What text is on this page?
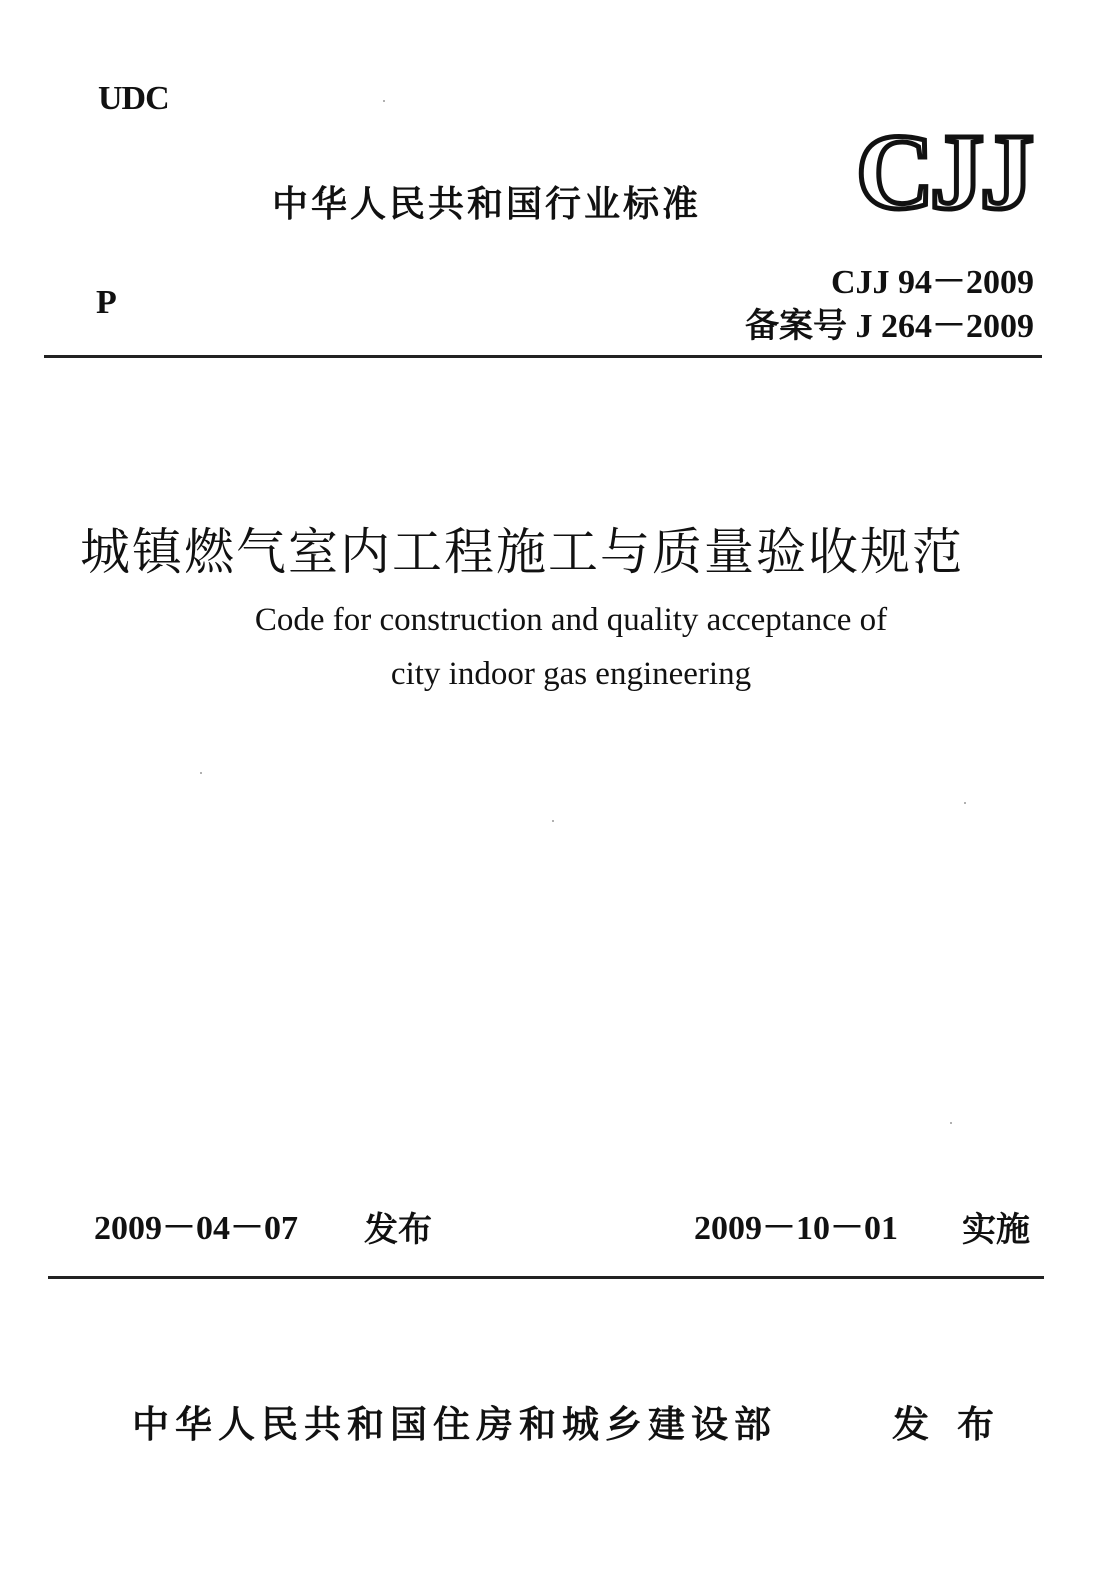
UDC
中华人民共和国行业标准 CJJ
P
CJJ 94－2009
备案号 J 264－2009
城镇燃气室内工程施工与质量验收规范
Code for construction and quality acceptance of
city indoor gas engineering
2009－04－07 发布	2009－10－01 实施
中华人民共和国住房和城乡建设部	发布
